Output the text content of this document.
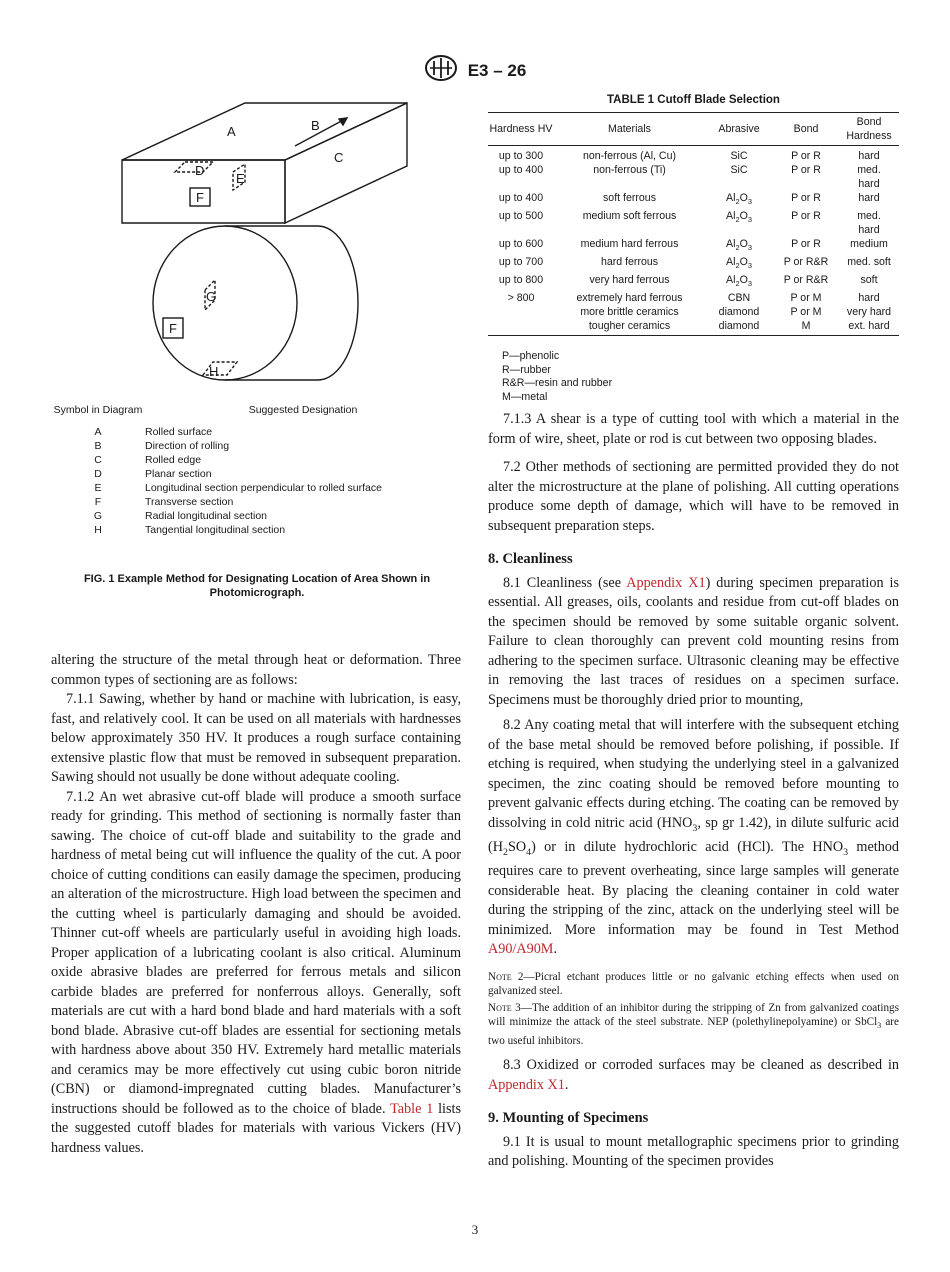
E3 – 26
A	B
C
D
E
F
F
G
H
Symbol in Diagram	Suggested Designation
A	Rolled surface
B	Direction of rolling
C	Rolled edge
D	Planar section
E	Longitudinal section perpendicular to rolled surface
F	Transverse section
G	Radial longitudinal section
H	Tangential longitudinal section
FIG. 1 Example Method for Designating Location of Area Shown in Photomicrograph.

altering the structure of the metal through heat or deformation. Three common types of sectioning are as follows:

7.1.1 Sawing, whether by hand or machine with lubrication, is easy, fast, and relatively cool. It can be used on all materials with hardnesses below approximately 350 HV. It produces a rough surface containing extensive plastic flow that must be removed in subsequent preparation. Sawing should not usually be done without adequate cooling.

7.1.2 An wet abrasive cut-off blade will produce a smooth surface ready for grinding. This method of sectioning is normally faster than sawing. The choice of cut-off blade and suitability to the grade and hardness of metal being cut will influence the quality of the cut. A poor choice of cutting conditions can easily damage the specimen, producing an alteration of the microstructure. High load between the specimen and the cutting wheel is particularly damaging and should be avoided. Thinner cut-off wheels are particularly useful in avoiding high loads. Proper application of a lubricating coolant is also critical. Aluminum oxide abrasive blades are preferred for ferrous metals and silicon carbide blades are preferred for nonferrous alloys. Generally, soft materials are cut with a hard bond blade and hard materials with a soft bond blade. Abrasive cut-off blades are essential for sectioning metals with hardness above about 350 HV. Extremely hard metallic materials and ceramics may be more effectively cut using cubic boron nitride (CBN) or diamond-impregnated cutting blades. Manufacturer’s instructions should be followed as to the choice of blade. Table 1 lists the suggested cutoff blades for materials with various Vickers (HV) hardness values.

TABLE 1 Cutoff Blade Selection
Hardness HV	Materials	Abrasive	Bond	Bond Hardness
up to 300	non-ferrous (Al, Cu)	SiC	P or R	hard
up to 400	non-ferrous (Ti)	SiC	P or R	med.
hard
up to 400	soft ferrous	$Al_2O_3$	P or R	hard
up to 500	medium soft ferrous	$Al_2O_3$	P or R	med.
hard
up to 600	medium hard ferrous	$Al_2O_3$	P or R	medium
up to 700	hard ferrous	$Al_2O_3$	P or R&R	med. soft
up to 800	very hard ferrous	$Al_2O_3$	P or R&R	soft
> 800	extremely hard ferrous	CBN	P or M	hard
	more brittle ceramics	diamond	P or M	very hard
	tougher ceramics	diamond	M	ext. hard
P—phenolic
R—rubber
R&R—resin and rubber
M—metal

7.1.3 A shear is a type of cutting tool with which a material in the form of wire, sheet, plate or rod is cut between two opposing blades.

7.2 Other methods of sectioning are permitted provided they do not alter the microstructure at the plane of polishing. All cutting operations produce some depth of damage, which will have to be removed in subsequent preparation steps.

8. Cleanliness

8.1 Cleanliness (see Appendix X1) during specimen preparation is essential. All greases, oils, coolants and residue from cut-off blades on the specimen should be removed by some suitable organic solvent. Failure to clean thoroughly can prevent cold mounting resins from adhering to the specimen surface. Ultrasonic cleaning may be effective in removing the last traces of residues on a specimen surface. Specimens must be thoroughly dried prior to mounting,

8.2 Any coating metal that will interfere with the subsequent etching of the base metal should be removed before polishing, if possible. If etching is required, when studying the underlying steel in a galvanized specimen, the zinc coating should be removed before mounting to prevent galvanic effects during etching. The coating can be removed by dissolving in cold nitric acid ($HNO_3$, sp gr 1.42), in dilute sulfuric acid $(H_2SO_4)$ or in dilute hydrochloric acid (HCl). The $HNO_3$ method requires care to prevent overheating, since large samples will generate considerable heat. By placing the cleaning container in cold water during the stripping of the zinc, attack on the underlying steel will be minimized. More information may be found in Test Method A90/A90M.

Note 2—Picral etchant produces little or no galvanic etching effects when used on galvanized steel.
Note 3—The addition of an inhibitor during the stripping of Zn from galvanized coatings will minimize the attack of the steel substrate. NEP (polethylinepolyamine) or SbCl$_3$ are two useful inhibitors.

8.3 Oxidized or corroded surfaces may be cleaned as described in Appendix X1.

9. Mounting of Specimens

9.1 It is usual to mount metallographic specimens prior to grinding and polishing. Mounting of the specimen provides

3
